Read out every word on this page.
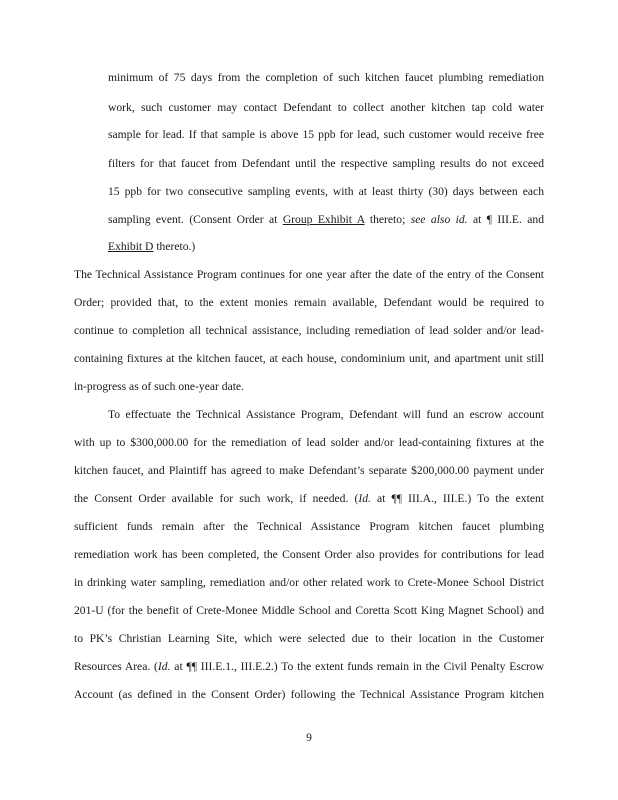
minimum of 75 days from the completion of such kitchen faucet plumbing remediation
work, such customer may contact Defendant to collect another kitchen tap cold water
sample for lead. If that sample is above 15 ppb for lead, such customer would receive free
filters for that faucet from Defendant until the respective sampling results do not exceed
15 ppb for two consecutive sampling events, with at least thirty (30) days between each
sampling event. (Consent Order at Group Exhibit A thereto; see also id. at ¶ III.E. and
Exhibit D thereto.)
The Technical Assistance Program continues for one year after the date of the entry of the Consent
Order; provided that, to the extent monies remain available, Defendant would be required to
continue to completion all technical assistance, including remediation of lead solder and/or lead-
containing fixtures at the kitchen faucet, at each house, condominium unit, and apartment unit still
in-progress as of such one-year date.
To effectuate the Technical Assistance Program, Defendant will fund an escrow account
with up to $300,000.00 for the remediation of lead solder and/or lead-containing fixtures at the
kitchen faucet, and Plaintiff has agreed to make Defendant’s separate $200,000.00 payment under
the Consent Order available for such work, if needed. (Id. at ¶¶ III.A., III.E.) To the extent
sufficient funds remain after the Technical Assistance Program kitchen faucet plumbing
remediation work has been completed, the Consent Order also provides for contributions for lead
in drinking water sampling, remediation and/or other related work to Crete-Monee School District
201-U (for the benefit of Crete-Monee Middle School and Coretta Scott King Magnet School) and
to PK’s Christian Learning Site, which were selected due to their location in the Customer
Resources Area. (Id. at ¶¶ III.E.1., III.E.2.) To the extent funds remain in the Civil Penalty Escrow
Account (as defined in the Consent Order) following the Technical Assistance Program kitchen
9
